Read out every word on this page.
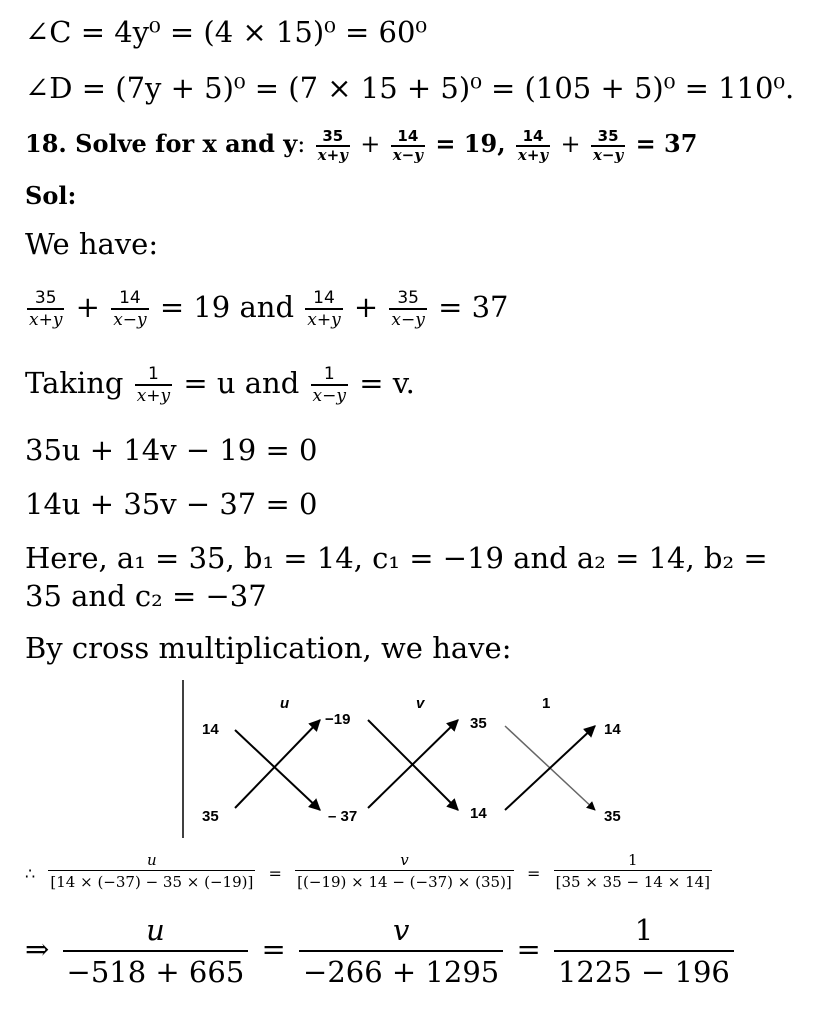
∠C = 4y⁰ = (4 × 15)⁰ = 60⁰
∠D = (7y + 5)⁰ = (7 × 15 + 5)⁰ = (105 + 5)⁰ = 110⁰.
18. Solve for x and y: $\frac{35}{x+y} + \frac{14}{x-y} = 19$, $\frac{14}{x+y} + \frac{35}{x-y} = 37$
Sol:
We have:
$\frac{35}{x+y} + \frac{14}{x-y} = 19$ and $\frac{14}{x+y} + \frac{35}{x-y} = 37$
Taking $\frac{1}{x+y} = u$ and $\frac{1}{x-y} = v$.
35u + 14v − 19 = 0
14u + 35v − 37 = 0
Here, a₁ = 35, b₁ = 14, c₁ = −19 and a₂ = 14, b₂ =
35 and c₂ = −37
By cross multiplication, we have:
u	v	1
14
35
−19
– 37
35
14
14
35
∴ $\frac{u}{[14 \times (-37) - 35 \times (-19)]} = \frac{v}{[(-19) \times 14 - (-37) \times (35)]} = \frac{1}{[35 \times 35 - 14 \times 14]}$
⇒ $\frac{u}{-518 + 665} = \frac{v}{-266 + 1295} = \frac{1}{1225 - 196}$
